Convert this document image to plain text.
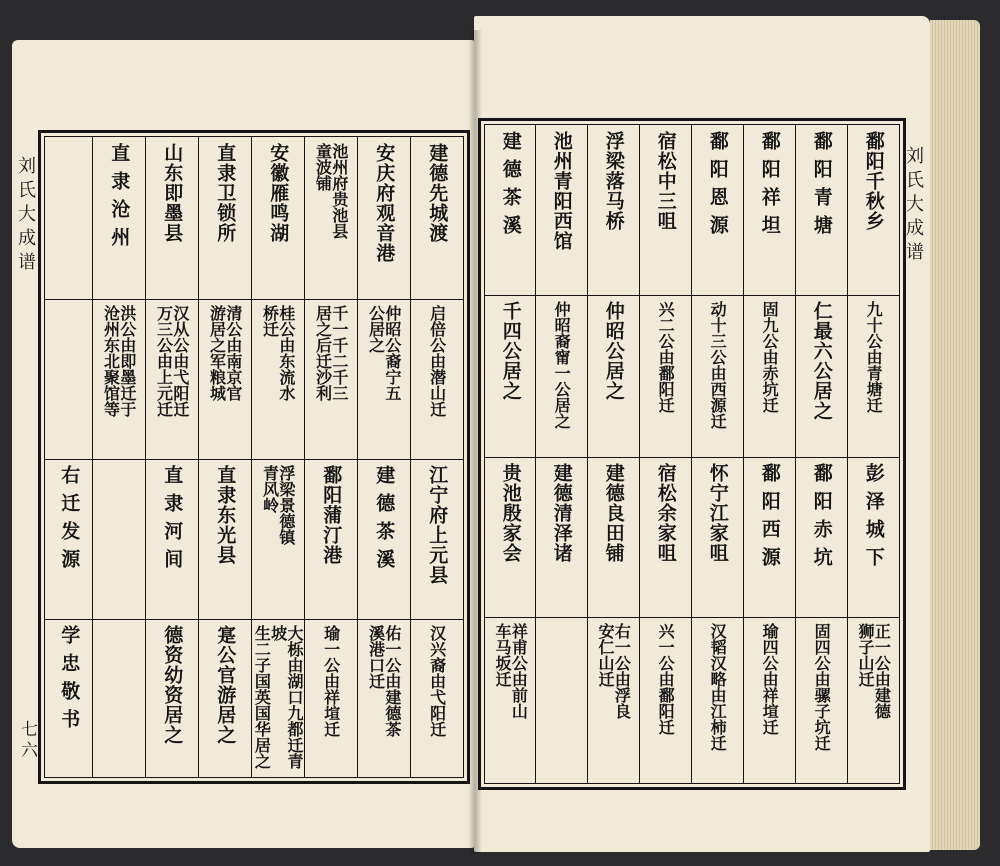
刘氏大成谱
七六
刘氏大成谱
建德先城渡
启倍公由潜山迁
江宁府上元县
汉兴裔由弋阳迁
安庆府观音港
仲昭公裔宁五
公居之
建德茶溪
佑一公由建德茶
溪港口迁
池州府贵池县
童波铺
千一千二千三
居之后迁沙利
鄱阳蒲汀港
瑜一公由祥塇迁
安徽雁鸣湖
桂公由东流水
桥迁
浮梁景德镇
青风岭
大栎由湖口九都迁青坡
生二子国英国华居之
直隶卫锁所
清公由南京官
游居之军粮城
直隶东光县
寔公官游居之
山东即墨县
汉从公由弋阳迁
万三公由上元迁
直隶河间
德资幼资居之
直隶沧州
洪公由即墨迁于
沧州东北聚馆等
右迁发源
学忠敬书
鄱阳千秋乡
九十公由青塘迁
彭泽城下
正一公由建德
狮子山迁
鄱阳青塘
仁最六公居之
鄱阳赤坑
固四公由骡子坑迁
鄱阳祥坦
固九公由赤坑迁
鄱阳西源
瑜四公由祥塇迁
鄱阳恩源
动十三公由西源迁
怀宁江家咀
汉韬汉略由江柿迁
宿松中三咀
兴二公由鄱阳迁
宿松余家咀
兴一公由鄱阳迁
浮梁落马桥
仲昭公居之
建德良田铺
右一公由浮良
安仁山迁
池州青阳西馆
仲昭裔甯一公居之
建德清泽诸
建德茶溪
千四公居之
贵池殷家会
祥甫公由前山
车马坂迁
